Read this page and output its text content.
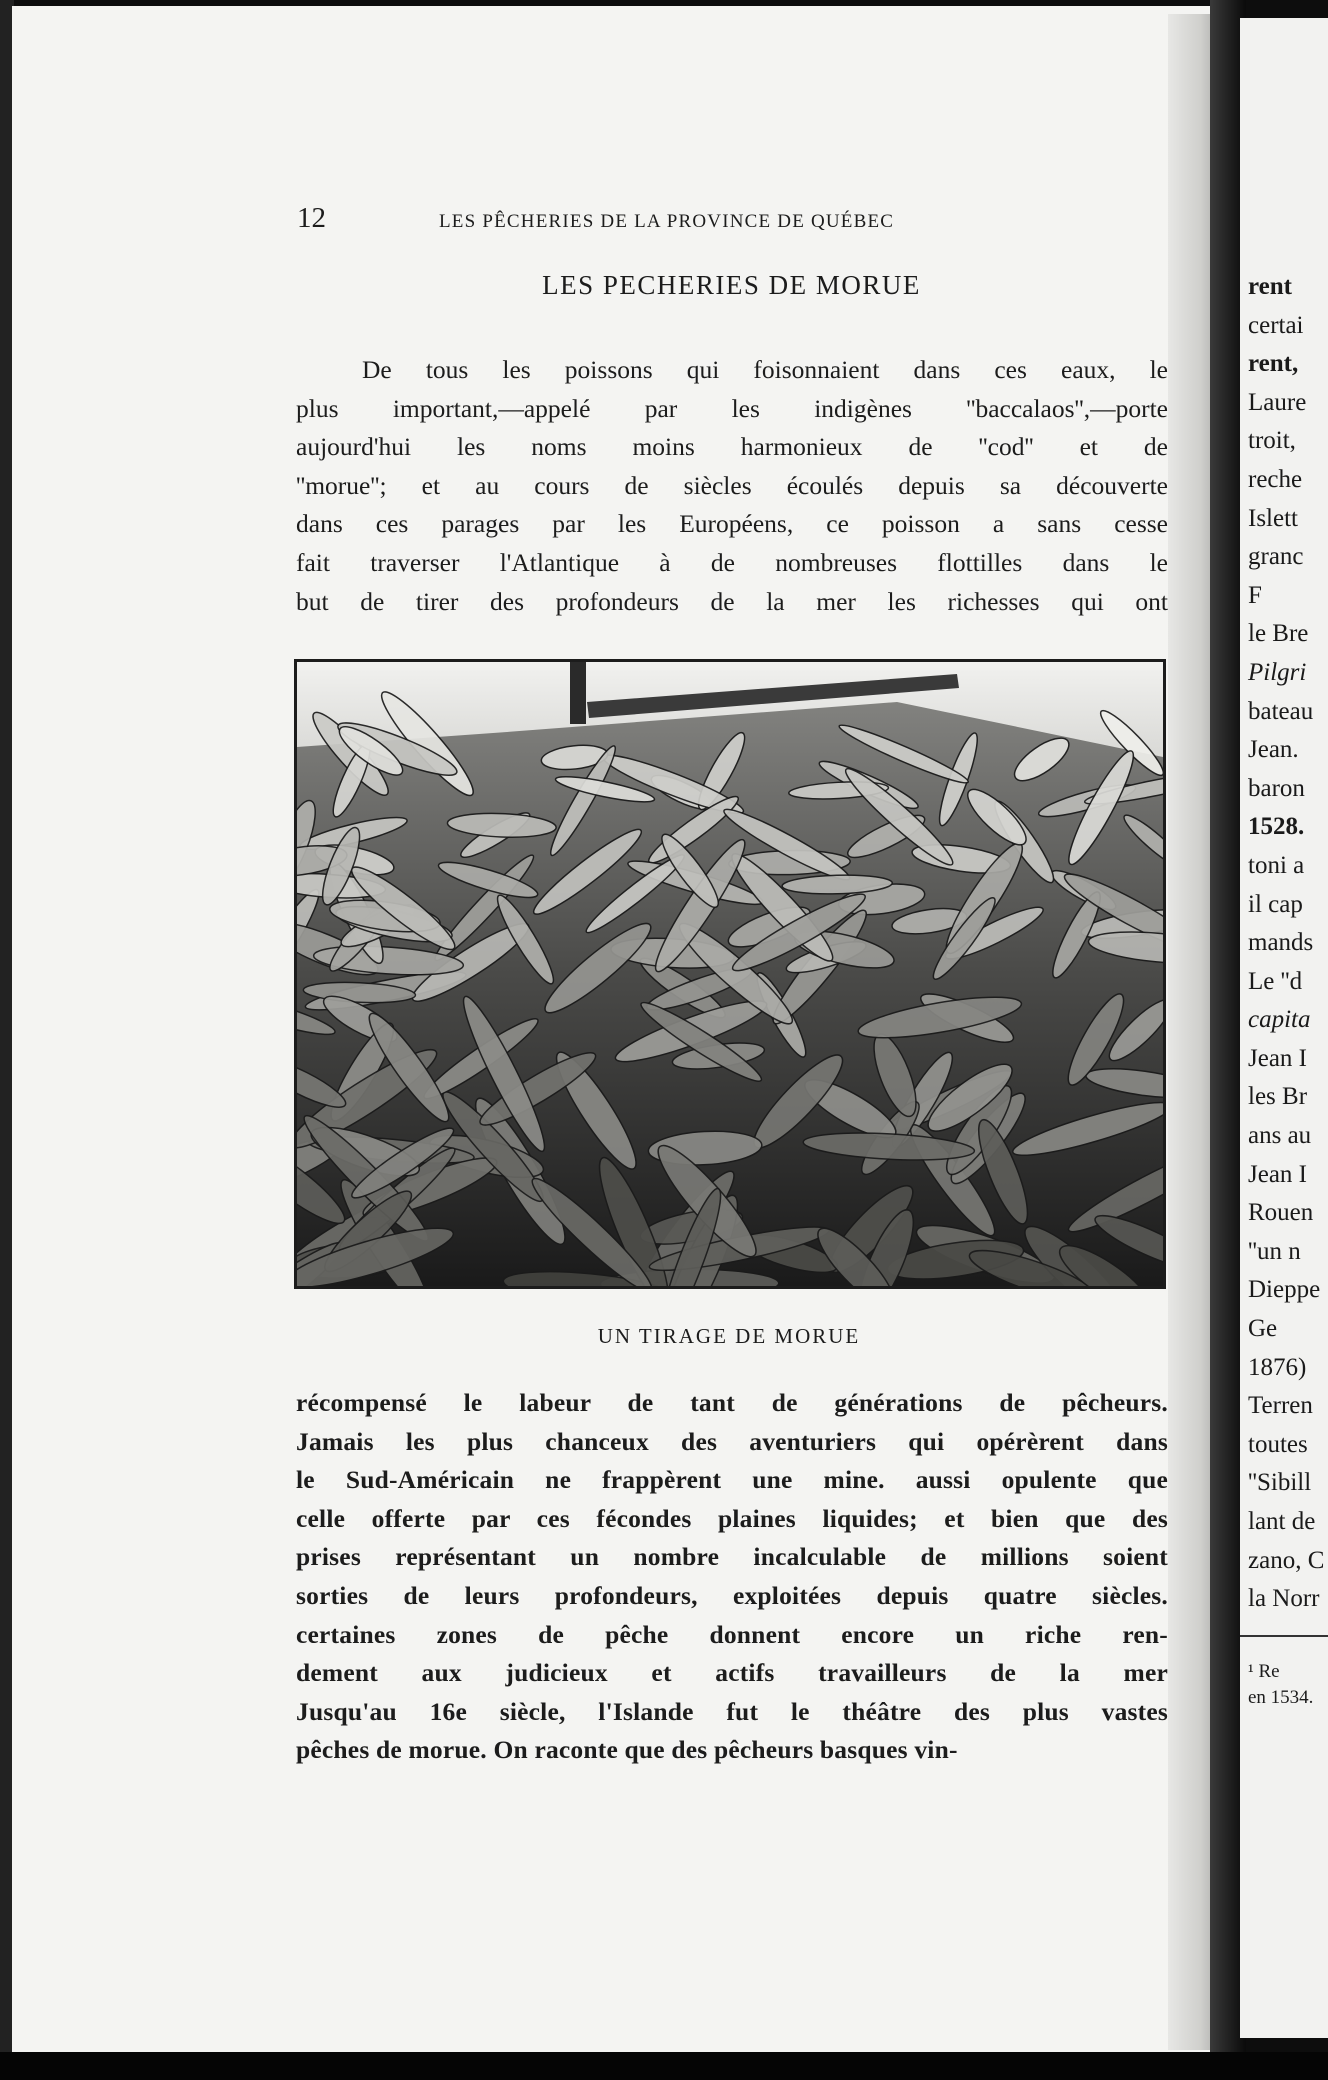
rent
certai
rent,
Laure
troit,
reche
Islett
granc
F
le Bre
Pilgri
bateau
Jean.
baron
1528.
toni a
il cap
mands
Le ''d
capita
Jean I
les Br
ans au
Jean I
Rouen
''un n
Dieppe
Ge
1876)
Terren
toutes
''Sibill
lant de
zano, C
la Norr
¹ Re
en 1534.
12	LES PÊCHERIES DE LA PROVINCE DE QUÉBEC
LES PECHERIES DE MORUE
De tous les poissons qui foisonnaient dans ces eaux, le
plus important,—appelé par les indigènes ''baccalaos'',—porte
aujourd'hui les noms moins harmonieux de ''cod'' et de
''morue''; et au cours de siècles écoulés depuis sa découverte
dans ces parages par les Européens, ce poisson a sans cesse
fait traverser l'Atlantique à de nombreuses flottilles dans le
but de tirer des profondeurs de la mer les richesses qui ont
UN TIRAGE DE MORUE
récompensé le labeur de tant de générations de pêcheurs.
Jamais les plus chanceux des aventuriers qui opérèrent dans
le Sud-Américain ne frappèrent une mine. aussi opulente que
celle offerte par ces fécondes plaines liquides; et bien que des
prises représentant un nombre incalculable de millions soient
sorties de leurs profondeurs, exploitées depuis quatre siècles.
certaines zones de pêche donnent encore un riche ren-
dement aux judicieux et actifs travailleurs de la mer
Jusqu'au 16e siècle, l'Islande fut le théâtre des plus vastes
pêches de morue. On raconte que des pêcheurs basques vin-
